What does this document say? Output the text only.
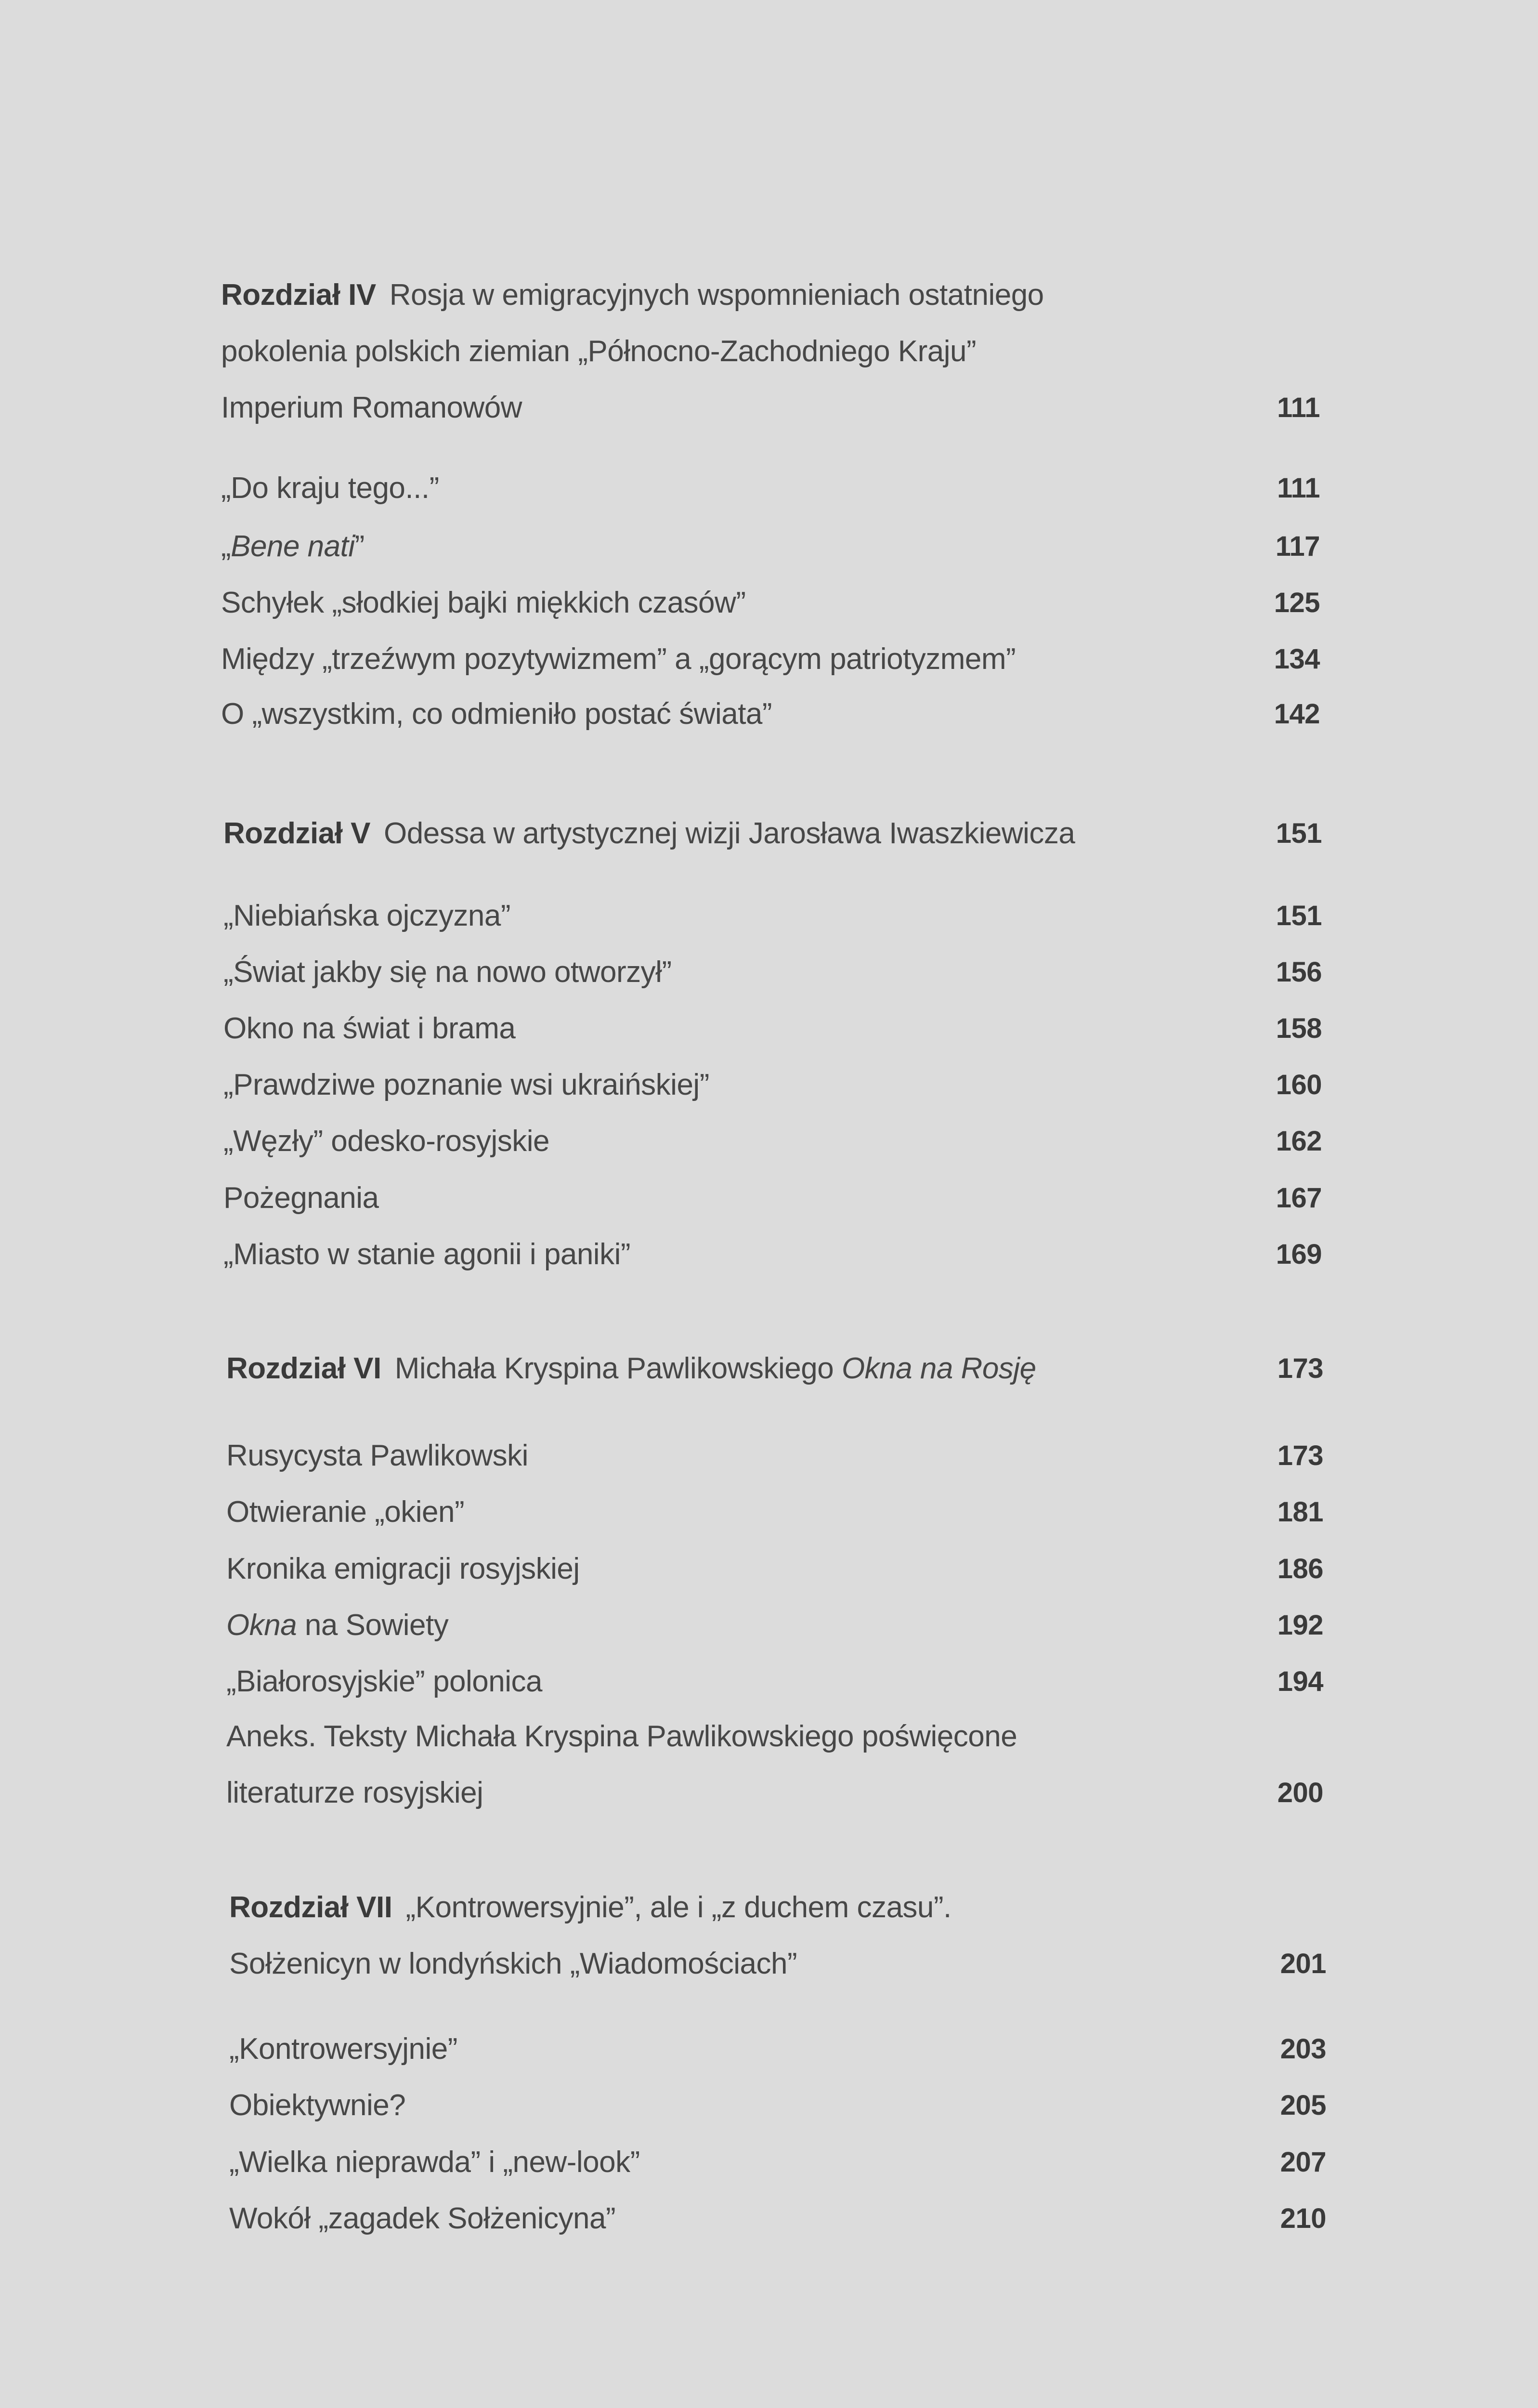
Rozdział IV Rosja w emigracyjnych wspomnieniach ostatniego
pokolenia polskich ziemian „Północno-Zachodniego Kraju”
Imperium Romanowów	111
„Do kraju tego...”	111
„Bene nati”	117
Schyłek „słodkiej bajki miękkich czasów”	125
Między „trzeźwym pozytywizmem” a „gorącym patriotyzmem”	134
O „wszystkim, co odmieniło postać świata”	142
Rozdział V Odessa w artystycznej wizji Jarosława Iwaszkiewicza	151
„Niebiańska ojczyzna”	151
„Świat jakby się na nowo otworzył”	156
Okno na świat i brama	158
„Prawdziwe poznanie wsi ukraińskiej”	160
„Węzły” odesko-rosyjskie	162
Pożegnania	167
„Miasto w stanie agonii i paniki”	169
Rozdział VI Michała Kryspina Pawlikowskiego Okna na Rosję	173
Rusycysta Pawlikowski	173
Otwieranie „okien”	181
Kronika emigracji rosyjskiej	186
Okna na Sowiety	192
„Białorosyjskie” polonica	194
Aneks. Teksty Michała Kryspina Pawlikowskiego poświęcone
literaturze rosyjskiej	200
Rozdział VII „Kontrowersyjnie”, ale i „z duchem czasu”.
Sołżenicyn w londyńskich „Wiadomościach”	201
„Kontrowersyjnie”	203
Obiektywnie?	205
„Wielka nieprawda” i „new-look”	207
Wokół „zagadek Sołżenicyna”	210
